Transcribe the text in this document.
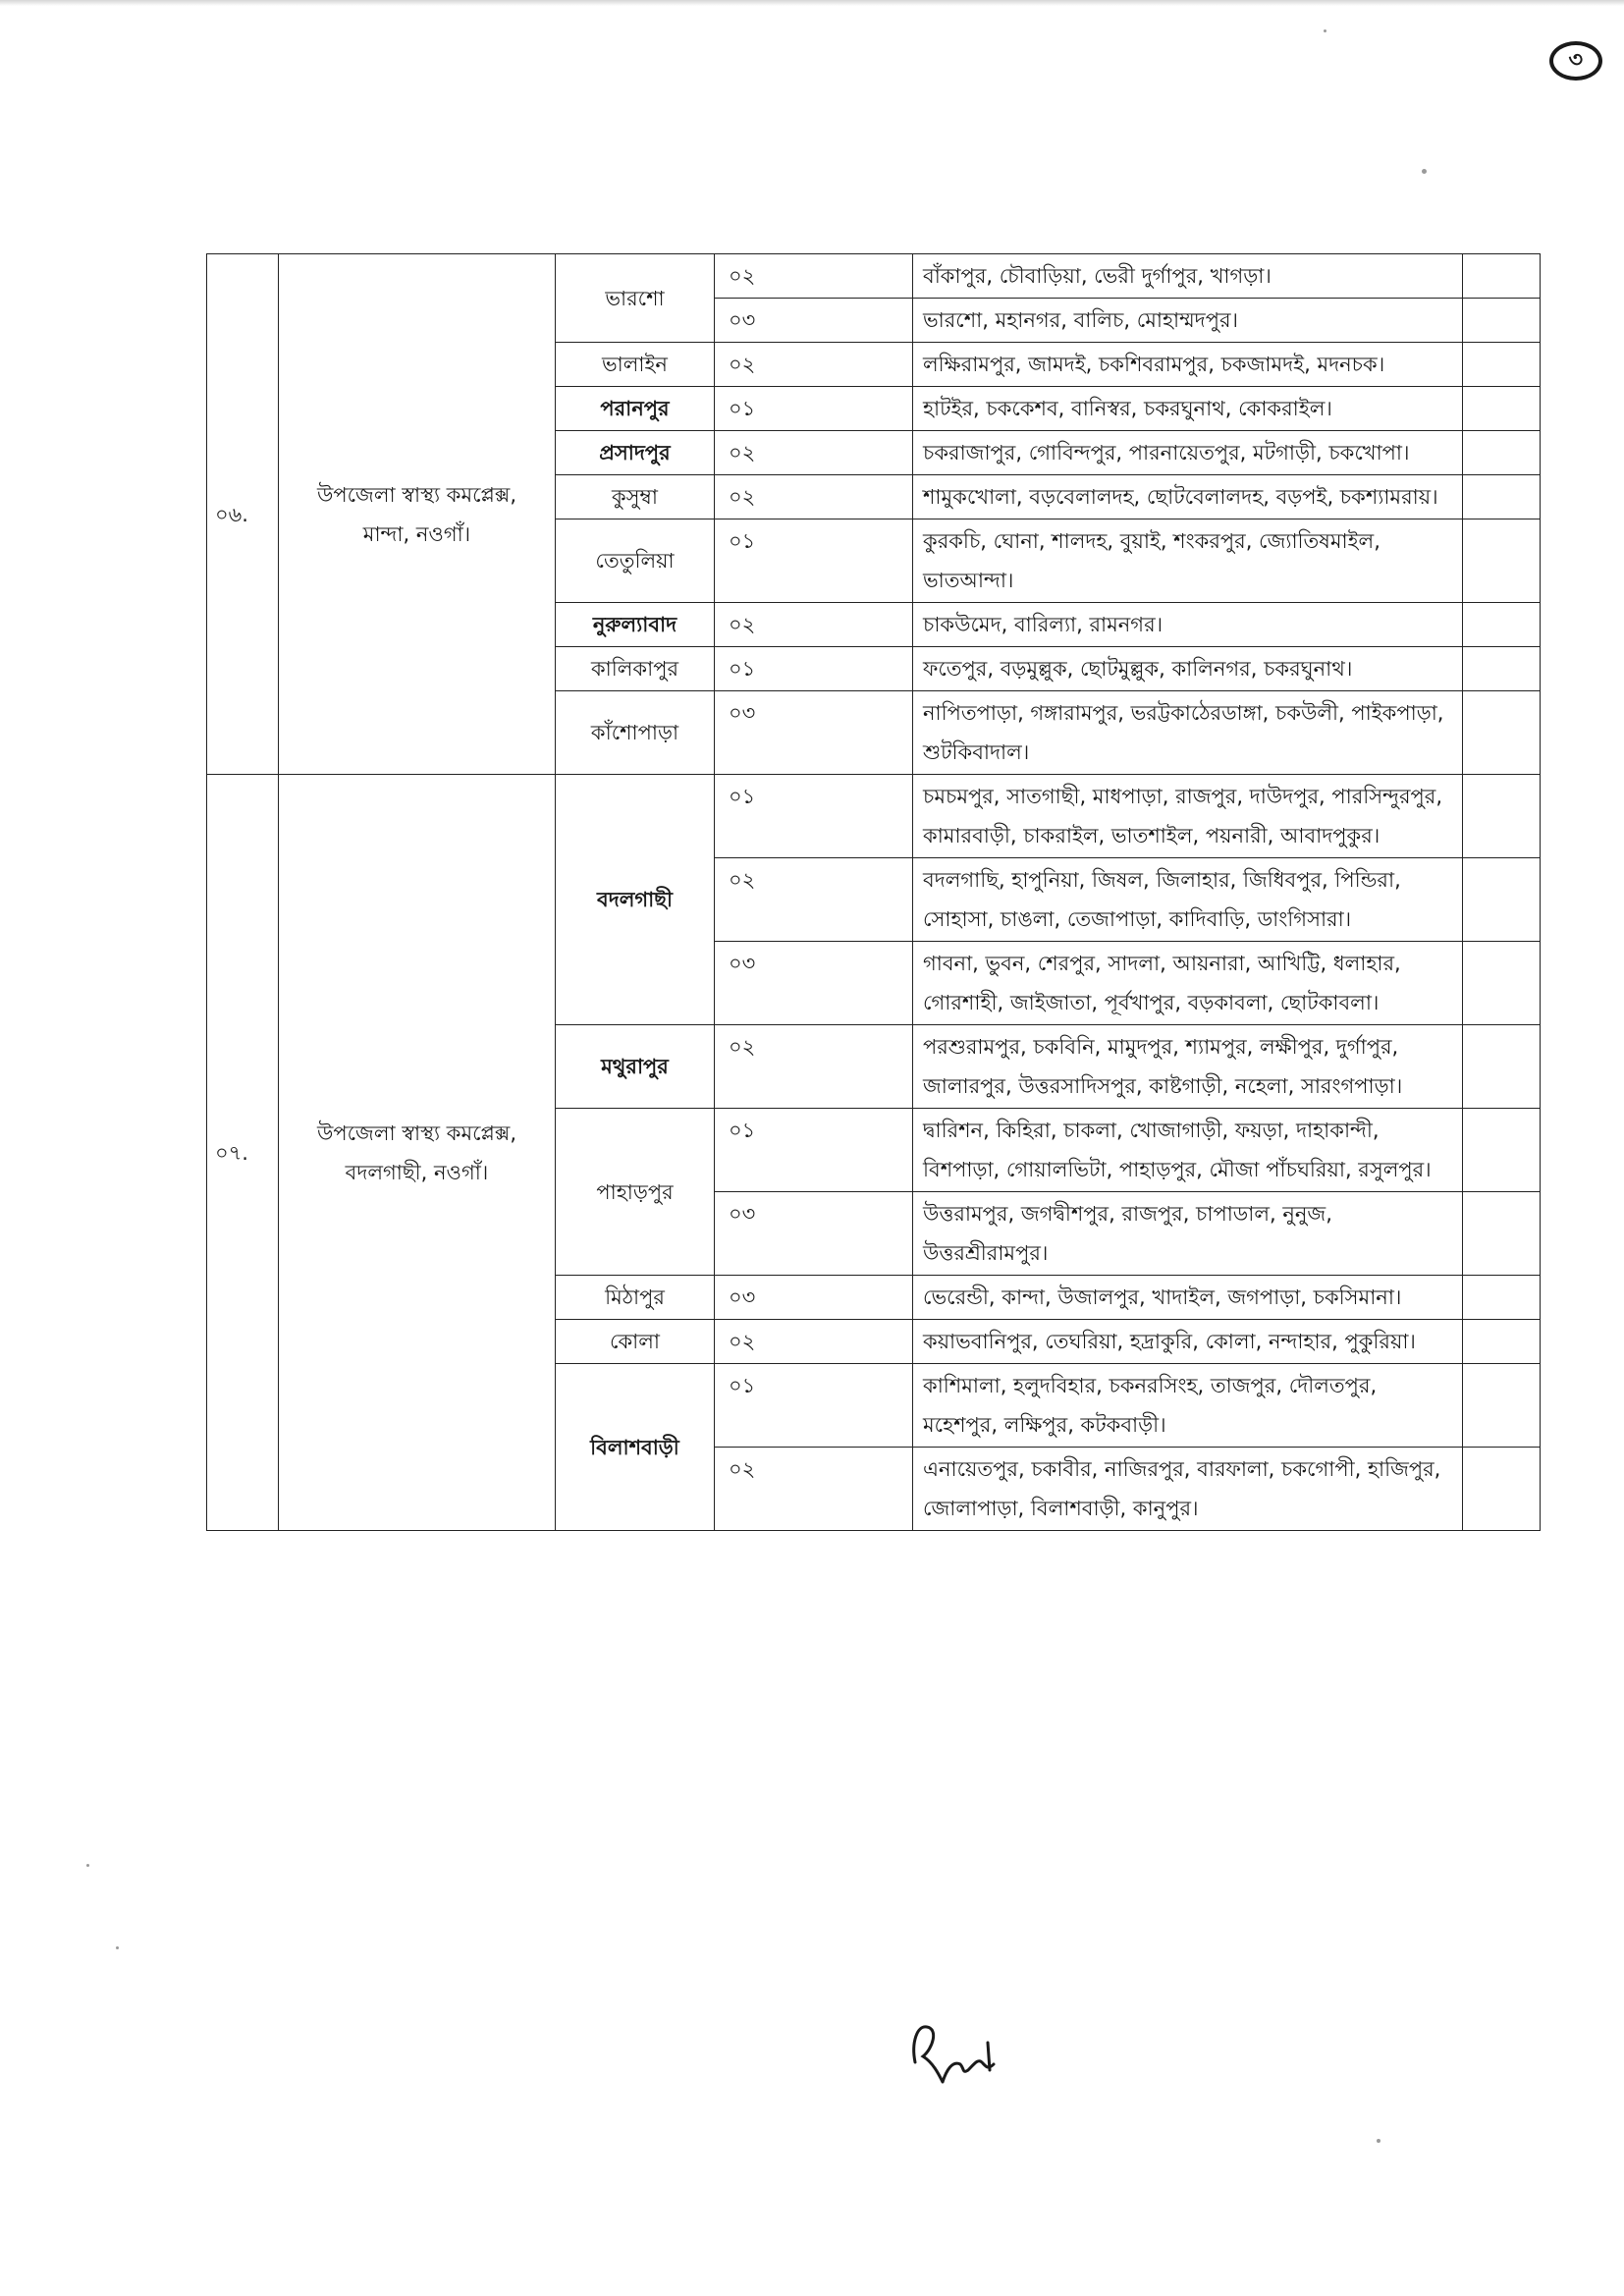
৩
০৬.	উপজেলা স্বাস্থ্য কমপ্লেক্স, মান্দা, নওগাঁ।	ভারশো	০২	বাঁকাপুর, চৌবাড়িয়া, ভেরী দুর্গাপুর, খাগড়া।	
			০৩	ভারশো, মহানগর, বালিচ, মোহাম্মদপুর।	
		ভালাইন	০২	লক্ষিরামপুর, জামদই, চকশিবরামপুর, চকজামদই, মদনচক।	
		পরানপুর	০১	হাটইর, চককেশব, বানিস্বর, চকরঘুনাথ, কোকরাইল।	
		প্রসাদপুর	০২	চকরাজাপুর, গোবিন্দপুর, পারনায়েতপুর, মটগাড়ী, চকখোপা।	
		কুসুম্বা	০২	শামুকখোলা, বড়বেলালদহ, ছোটবেলালদহ, বড়পই, চকশ্যামরায়।	
		তেতুলিয়া	০১	কুরকচি, ঘোনা, শালদহ, বুয়াই, শংকরপুর, জ্যোতিষমাইল, ভাতআন্দা।	
		নুরুল্যাবাদ	০২	চাকউমেদ, বারিল্যা, রামনগর।	
		কালিকাপুর	০১	ফতেপুর, বড়মুল্লুক, ছোটমুল্লুক, কালিনগর, চকরঘুনাথ।	
		কাঁশোপাড়া	০৩	নাপিতপাড়া, গঙ্গারামপুর, ভরট্টকাঠেরডাঙ্গা, চকউলী, পাইকপাড়া, শুটকিবাদাল।	
০৭.	উপজেলা স্বাস্থ্য কমপ্লেক্স, বদলগাছী, নওগাঁ।	বদলগাছী	০১	চমচমপুর, সাতগাছী, মাধপাড়া, রাজপুর, দাউদপুর, পারসিন্দুরপুর, কামারবাড়ী, চাকরাইল, ভাতশাইল, পয়নারী, আবাদপুকুর।	
			০২	বদলগাছি, হাপুনিয়া, জিষল, জিলাহার, জিধিবপুর, পিন্ডিরা, সোহাসা, চাঙলা, তেজাপাড়া, কাদিবাড়ি, ডাংগিসারা।	
			০৩	গাবনা, ভুবন, শেরপুর, সাদলা, আয়নারা, আখিট্টি, ধলাহার, গোরশাহী, জাইজাতা, পূর্বখাপুর, বড়কাবলা, ছোটকাবলা।	
		মথুরাপুর	০২	পরশুরামপুর, চকবিনি, মামুদপুর, শ্যামপুর, লক্ষীপুর, দুর্গাপুর, জালারপুর, উত্তরসাদিসপুর, কাষ্টগাড়ী, নহেলা, সারংগপাড়া।	
		পাহাড়পুর	০১	দ্বারিশন, কিহিরা, চাকলা, খোজাগাড়ী, ফয়ড়া, দাহাকান্দী, বিশপাড়া, গোয়ালভিটা, পাহাড়পুর, মৌজা পাঁচঘরিয়া, রসুলপুর।	
			০৩	উত্তরামপুর, জগদ্বীশপুর, রাজপুর, চাপাডাল, নুনুজ, উত্তরশ্রীরামপুর।	
		মিঠাপুর	০৩	ভেরেন্ডী, কান্দা, উজালপুর, খাদাইল, জগপাড়া, চকসিমানা।	
		কোলা	০২	কয়াভবানিপুর, তেঘরিয়া, হদ্রাকুরি, কোলা, নন্দাহার, পুকুরিয়া।	
		বিলাশবাড়ী	০১	কাশিমালা, হলুদবিহার, চকনরসিংহ, তাজপুর, দৌলতপুর, মহেশপুর, লক্ষিপুর, কটকবাড়ী।	
			০২	এনায়েতপুর, চকাবীর, নাজিরপুর, বারফালা, চকগোপী, হাজিপুর, জোলাপাড়া, বিলাশবাড়ী, কানুপুর।	
